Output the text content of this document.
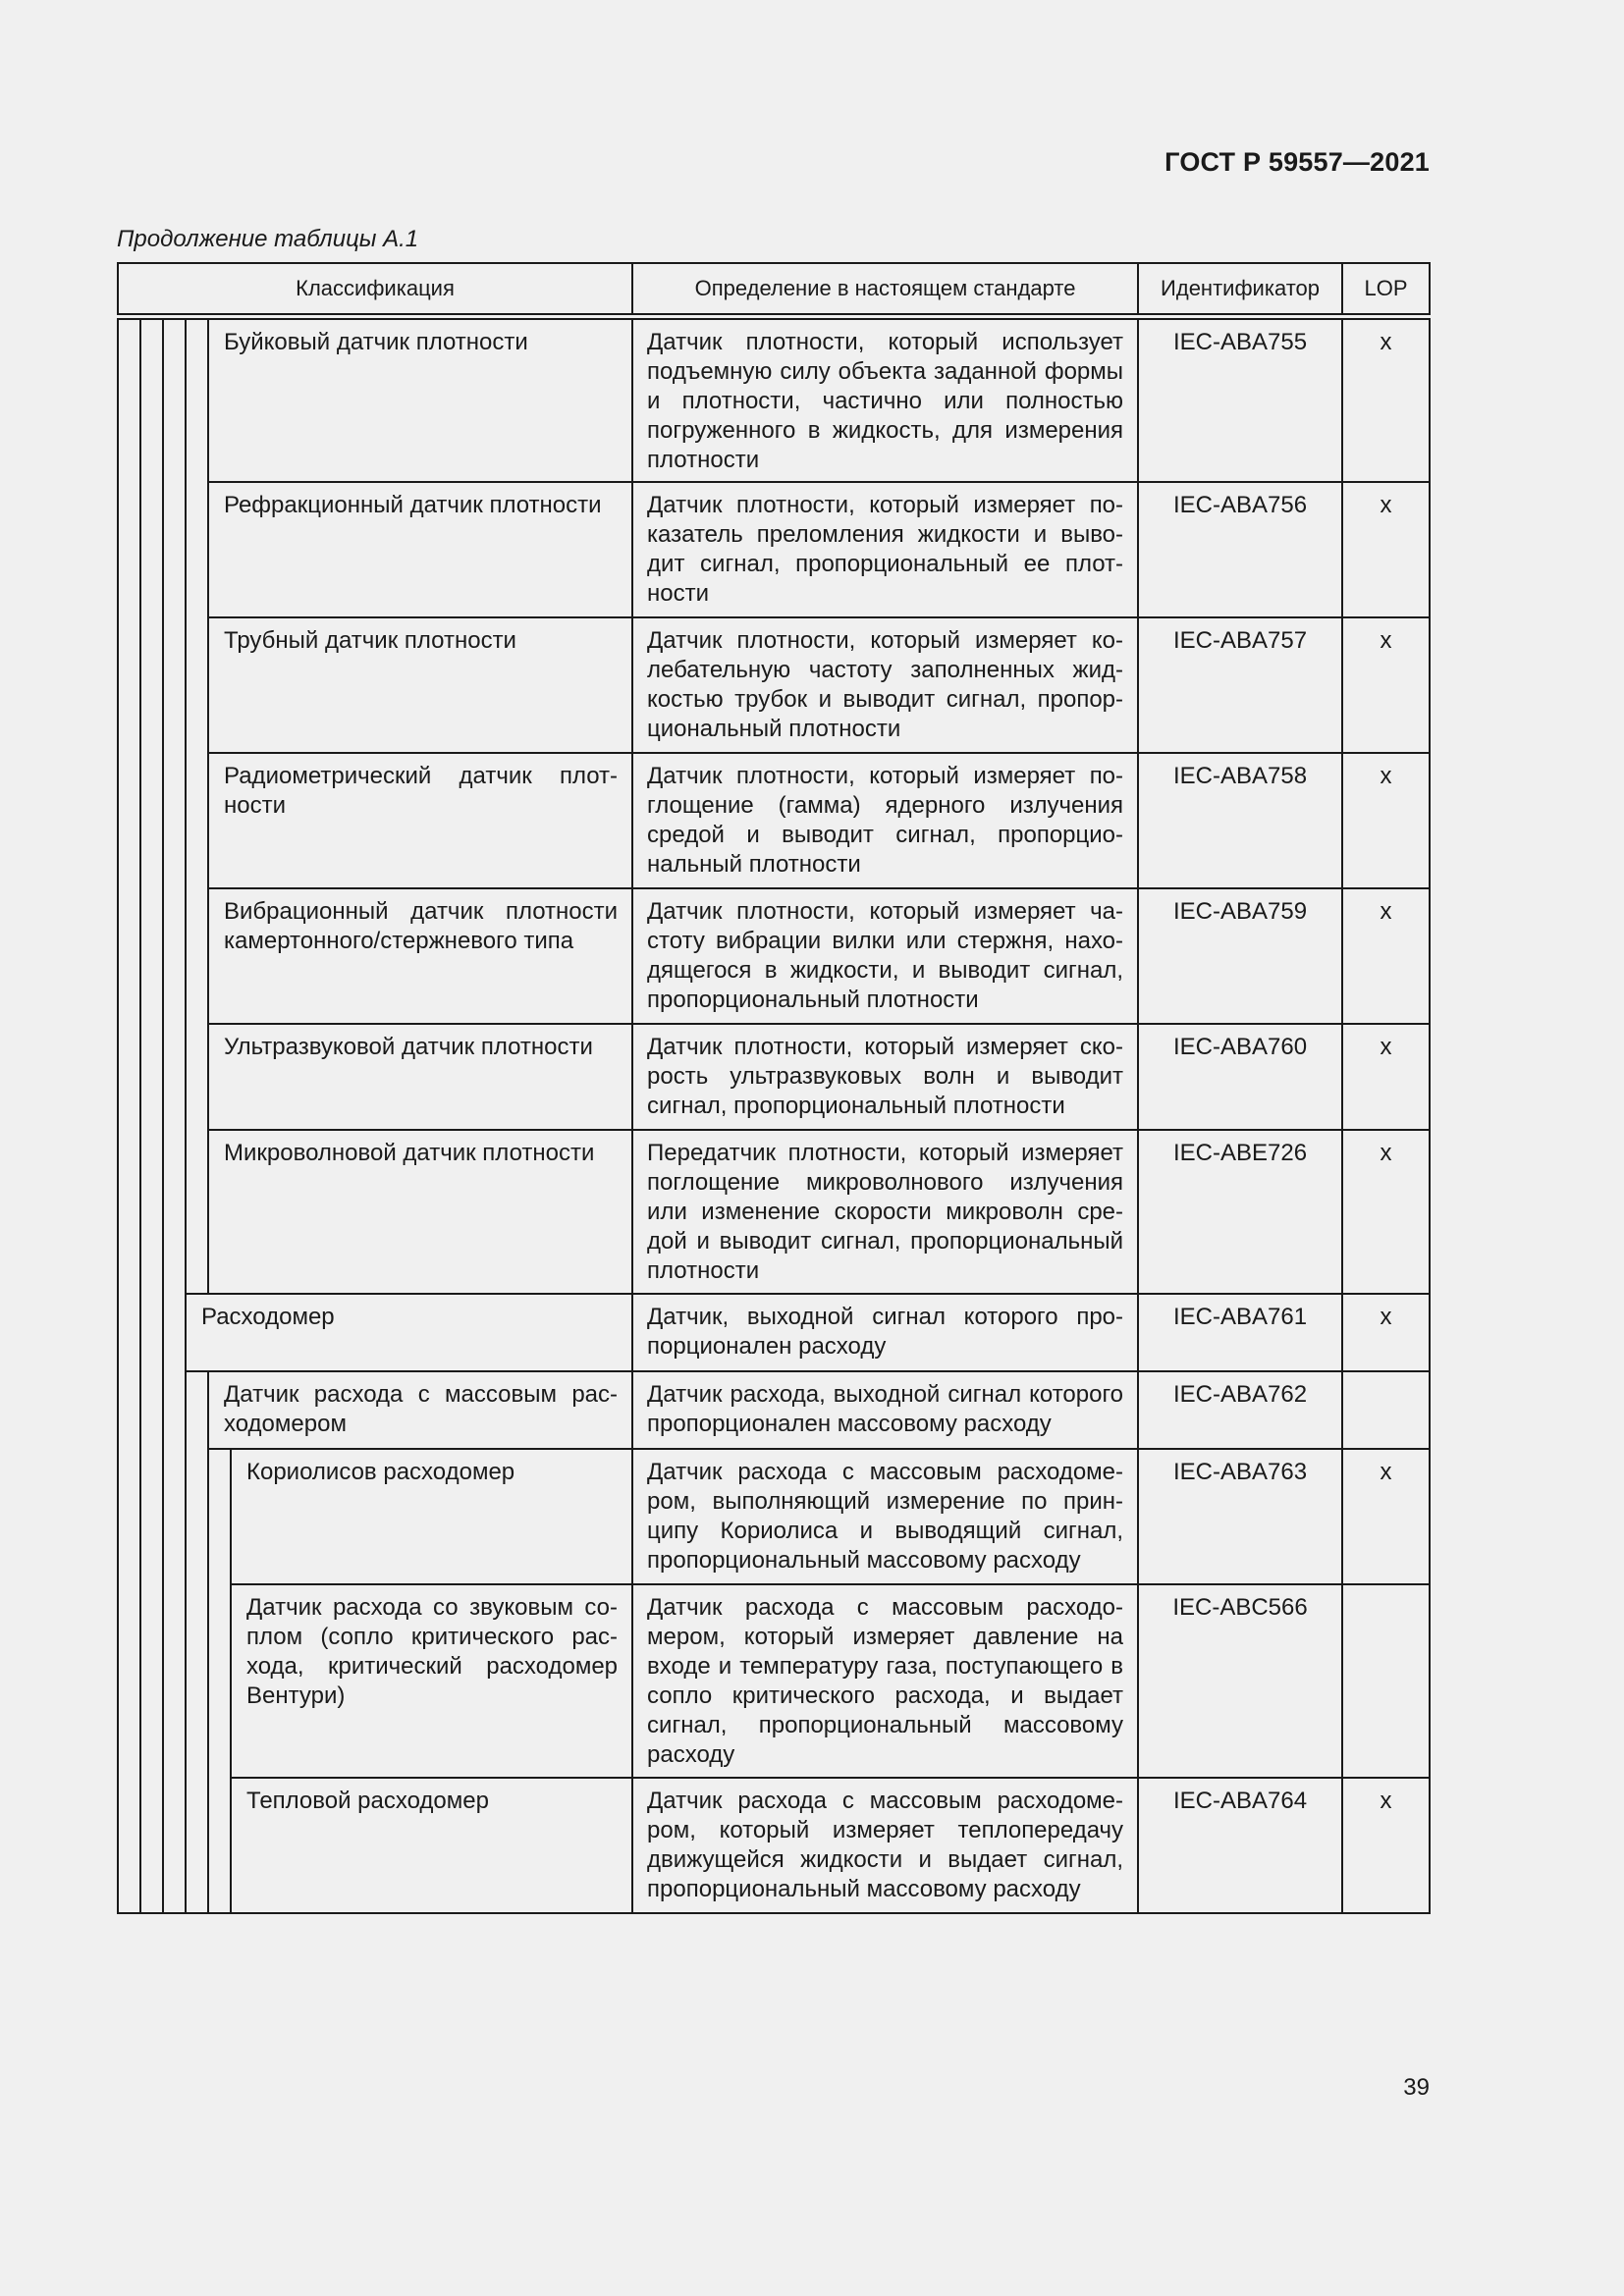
ГОСТ Р 59557—2021
Продолжение таблицы А.1
Классификация						Определение в настоящем стандарте	Идентификатор	LOP
				Буйковый датчик плотности		Датчик плотности, который использует подъемную силу объекта заданной формы и плотности, частично или полностью погруженного в жидкость, для измерения плотности	IEC-ABA755	x
				Рефракционный датчик плотности		Датчик плотности, который измеряет показатель преломления жидкости и выводит сигнал, пропорциональный ее плотности	IEC-ABA756	x
				Трубный датчик плотности		Датчик плотности, который измеряет колебательную частоту заполненных жидкостью трубок и выводит сигнал, пропорциональный плотности	IEC-ABA757	x
				Радиометрический датчик плотности		Датчик плотности, который измеряет поглощение (гамма) ядерного излучения средой и выводит сигнал, пропорциональный плотности	IEC-ABA758	x
				Вибрационный датчик плотности камертонного/стержневого типа		Датчик плотности, который измеряет частоту вибрации вилки или стержня, находящегося в жидкости, и выводит сигнал, пропорциональный плотности	IEC-ABA759	x
				Ультразвуковой датчик плотности		Датчик плотности, который измеряет скорость ультразвуковых волн и выводит сигнал, пропорциональный плотности	IEC-ABA760	x
				Микроволновой датчик плотности		Передатчик плотности, который измеряет поглощение микроволнового излучения или изменение скорости микроволн средой и выводит сигнал, пропорциональный плотности	IEC-ABE726	x
			Расходомер			Датчик, выходной сигнал которого пропорционален расходу	IEC-ABA761	x
				Датчик расхода с массовым расходомером		Датчик расхода, выходной сигнал которого пропорционален массовому расходу	IEC-ABA762	
					Кориолисов расходомер	Датчик расхода с массовым расходомером, выполняющий измерение по принципу Кориолиса и выводящий сигнал, пропорциональный массовому расходу	IEC-ABA763	x
					Датчик расхода со звуковым соплом (сопло критического расхода, критический расходомер Вентури)	Датчик расхода с массовым расходомером, который измеряет давление на входе и температуру газа, поступающего в сопло критического расхода, и выдает сигнал, пропорциональный массовому расходу	IEC-ABC566	
					Тепловой расходомер	Датчик расхода с массовым расходомером, который измеряет теплопередачу движущейся жидкости и выдает сигнал, пропорциональный массовому расходу	IEC-ABA764	x
39
